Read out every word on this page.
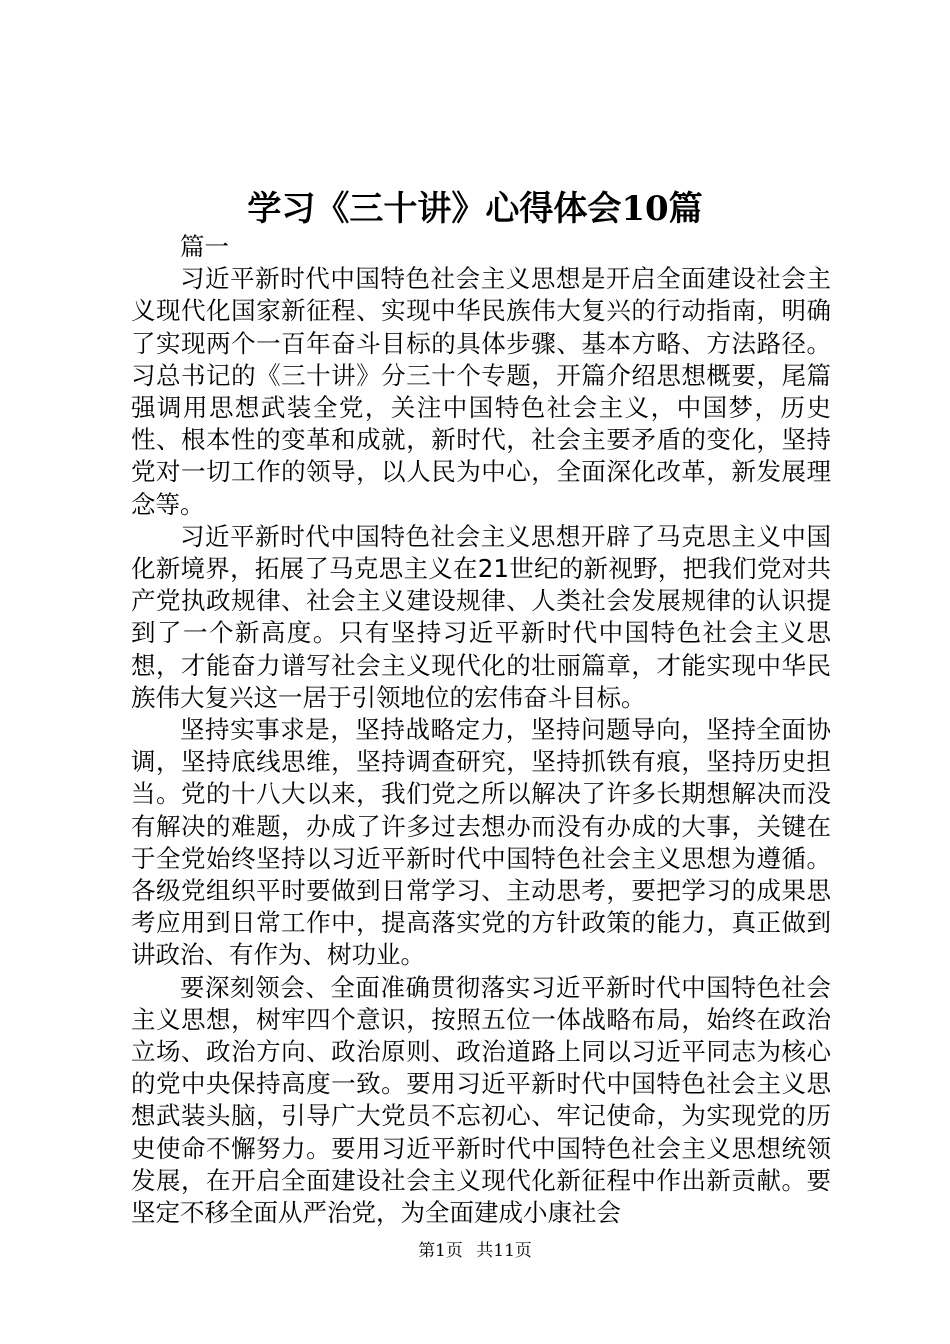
学习《三十讲》心得体会10篇

篇一

习近平新时代中国特色社会主义思想是开启全面建设社会主义现代化国家新征程、实现中华民族伟大复兴的行动指南，明确了实现两个一百年奋斗目标的具体步骤、基本方略、方法路径。习总书记的《三十讲》分三十个专题，开篇介绍思想概要，尾篇强调用思想武装全党，关注中国特色社会主义，中国梦，历史性、根本性的变革和成就，新时代，社会主要矛盾的变化，坚持党对一切工作的领导，以人民为中心，全面深化改革，新发展理念等。

习近平新时代中国特色社会主义思想开辟了马克思主义中国化新境界，拓展了马克思主义在21世纪的新视野，把我们党对共产党执政规律、社会主义建设规律、人类社会发展规律的认识提到了一个新高度。只有坚持习近平新时代中国特色社会主义思想，才能奋力谱写社会主义现代化的壮丽篇章，才能实现中华民族伟大复兴这一居于引领地位的宏伟奋斗目标。

坚持实事求是，坚持战略定力，坚持问题导向，坚持全面协调，坚持底线思维，坚持调查研究，坚持抓铁有痕，坚持历史担当。党的十八大以来，我们党之所以解决了许多长期想解决而没有解决的难题，办成了许多过去想办而没有办成的大事，关键在于全党始终坚持以习近平新时代中国特色社会主义思想为遵循。各级党组织平时要做到日常学习、主动思考，要把学习的成果思考应用到日常工作中，提高落实党的方针政策的能力，真正做到讲政治、有作为、树功业。

要深刻领会、全面准确贯彻落实习近平新时代中国特色社会主义思想，树牢四个意识，按照五位一体战略布局，始终在政治立场、政治方向、政治原则、政治道路上同以习近平同志为核心的党中央保持高度一致。要用习近平新时代中国特色社会主义思想武装头脑，引导广大党员不忘初心、牢记使命，为实现党的历史使命不懈努力。要用习近平新时代中国特色社会主义思想统领发展，在开启全面建设社会主义现代化新征程中作出新贡献。要坚定不移全面从严治党，为全面建成小康社会

第1页 共11页
